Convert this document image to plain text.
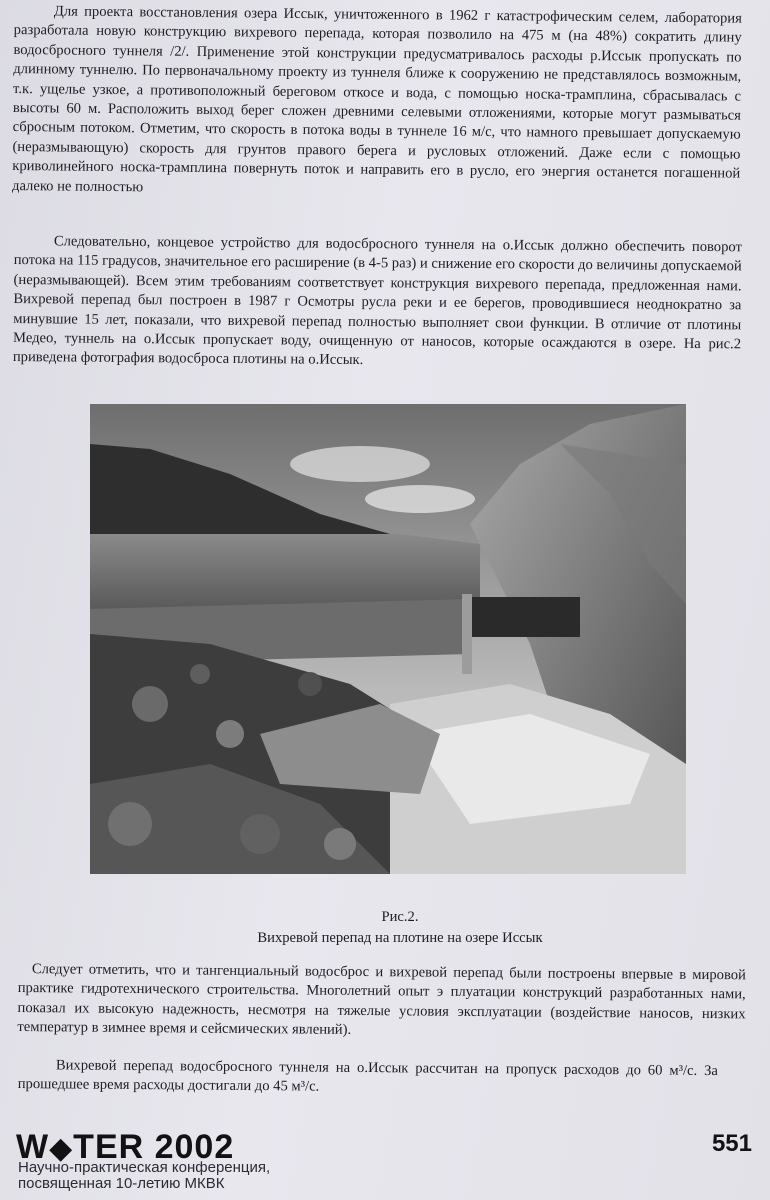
Для проекта восстановления озера Иссык, уничтоженного в 1962 г катастрофическим селем, лаборатория разработала новую конструкцию вихревого перепада, которая позволило на 475 м (на 48%) сократить длину водосбросного туннеля /2/. Применение этой конструкции предусматривалось расходы р.Иссык пропускать по длинному туннелю. По первоначальному проекту из туннеля ближе к сооружению не представлялось возможным, т.к. ущелье узкое, а противоположный береговом откосе и вода, с помощью носка-трамплина, сбрасывалась с высоты 60 м. Расположить выход берег сложен древними селевыми отложениями, которые могут размываться сбросным потоком. Отметим, что скорость в потока воды в туннеле 16 м/с, что намного превышает допускаемую (неразмывающую) скорость для грунтов правого берега и русловых отложений. Даже если с помощью криволинейного носка-трамплина повернуть поток и направить его в русло, его энергия останется погашенной далеко не полностью

Следовательно, концевое устройство для водосбросного туннеля на о.Иссык должно обеспечить поворот потока на 115 градусов, значительное его расширение (в 4-5 раз) и снижение его скорости до величины допускаемой (неразмывающей). Всем этим требованиям соответствует конструкция вихревого перепада, предложенная нами. Вихревой перепад был построен в 1987 г Осмотры русла реки и ее берегов, проводившиеся неоднократно за минувшие 15 лет, показали, что вихревой перепад полностью выполняет свои функции. В отличие от плотины Медео, туннель на о.Иссык пропускает воду, очищенную от наносов, которые осаждаются в озере. На рис.2 приведена фотография водосброса плотины на о.Иссык.

Рис.2.

Вихревой перепад на плотине на озере Иссык

Следует отметить, что и тангенциальный водосброс и вихревой перепад были построены впервые в мировой практике гидротехнического строительства. Многолетний опыт э плуатации конструкций разработанных нами, показал их высокую надежность, несмотря на тяжелые условия эксплуатации (воздействие наносов, низких температур в зимнее время и сейсмических явлений).

Вихревой перепад водосбросного туннеля на о.Иссык рассчитан на пропуск расходов до 60 м³/с. За прошедшее время расходы достигали до 45 м³/с.

W◆TER 2002
Научно-практическая конференция, посвященная 10-летию МКВК
551
